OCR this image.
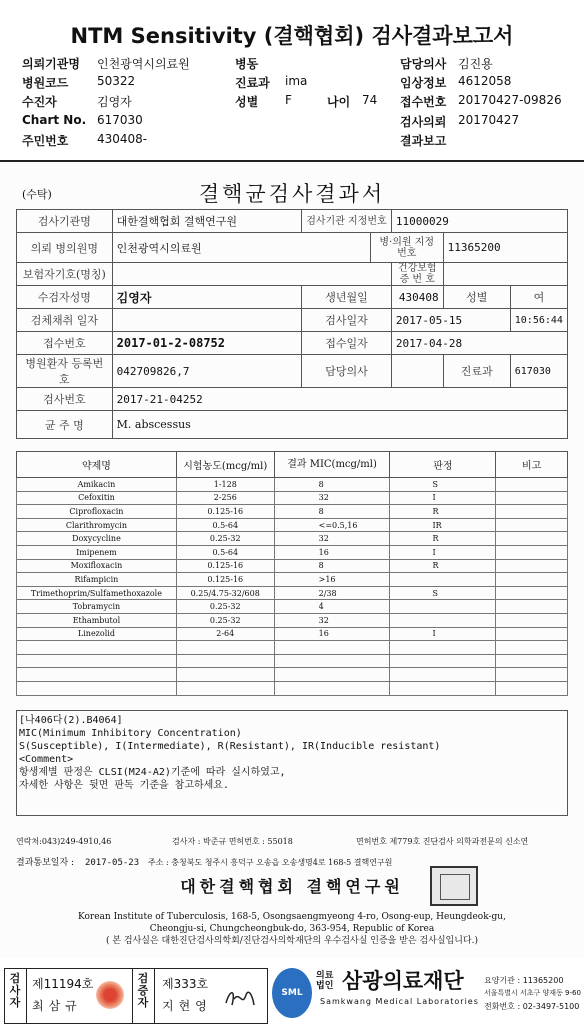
NTM Sensitivity (결핵협회) 검사결과보고서
의뢰기관명 인천광역시의료원	병동	담당의사 김진용
병원코드 50322	진료과 ima	임상정보 4612058
수진자	김영자	성별 F	나이 74 접수번호 20170427-09826
Chart No. 617030	검사의뢰 20170427
주민번호 430408-	결과보고
(수탁)	결핵균검사결과서
검사기관명	대한결핵협회 결핵연구원	검사기관 지정번호		11000029		
의뢰 병의원명	인천광역시의료원		병·의원 지정번호		11365200	
보험자기호(명칭)				건강보험 증 번 호		
수검자성명	김영자	생년월일		430408	성별	여
검체채취 일자		검사일자		2017-05-15		10:56:44
접수번호	2017-01-2-08752	접수일자		2017-04-28		
병원환자 등록번호	042709826,7	담당의사			진료과	617030
검사번호	2017-21-04252					
균 주 명	M. abscessus					
약제명	시험농도(mcg/ml)	결과 MIC(mcg/ml)	판정	비고
Amikacin	1-128	8	S	
Cefoxitin	2-256	32	I	
Ciprofloxacin	0.125-16	8	R	
Clarithromycin	0.5-64	<=0.5,16	IR	
Doxycycline	0.25-32	32	R	
Imipenem	0.5-64	16	I	
Moxifloxacin	0.125-16	8	R	
Rifampicin	0.125-16	>16		
Trimethoprim/Sulfamethoxazole	0.25/4.75-32/608	2/38	S	
Tobramycin	0.25-32	4		
Ethambutol	0.25-32	32		
Linezolid	2-64	16	I	

[나406다(2).B4064]
MIC(Minimum Inhibitory Concentration)
S(Susceptible), I(Intermediate), R(Resistant), IR(Inducible resistant)
<Comment>
항생제별 판정은 CLSI(M24-A2)기준에 따라 실시하였고,
자세한 사항은 뒷면 판독 기준을 참고하세요.
연락처:043)249-4910,46	검사자 : 박준규 면허번호 : 55018	면허번호 제779호 진단검사 의학과전문의 신소연
결과통보일자 : 2017-05-23 주소 : 충청북도 청주시 흥덕구 오송읍 오송생명4로 168-5 결핵연구원
대한결핵협회 결핵연구원
Korean Institute of Tuberculosis, 168-5, Osongsaengmyeong 4-ro, Osong-eup, Heungdeok-gu,
Cheongju-si, Chungcheongbuk-do, 363-954, Republic of Korea
( 본 검사실은 대한진단검사의학회/진단검사의학재단의 우수검사실 인증을 받은 검사실입니다.)
검사자
제11194호
최삼규
검증자
제333호
지현영
SML
의료
법인 삼광의료재단
Samkwang Medical Laboratories
요양기관 : 11365200
서울특별시 서초구 양재동 9-60
전화번호 : 02-3497-5100
